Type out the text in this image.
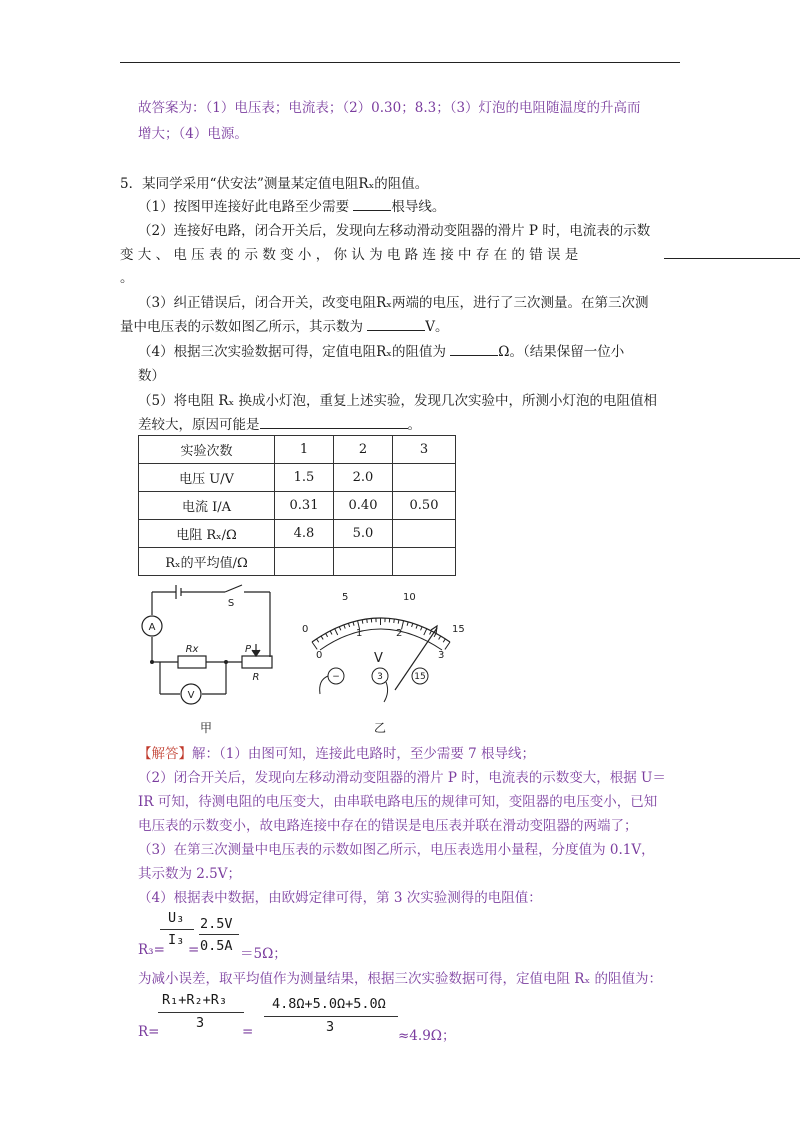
故答案为：（1）电压表；电流表；（2）0.30；8.3；（3）灯泡的电阻随温度的升高而
增大；（4）电源。
5．某同学采用“伏安法”测量某定值电阻Rₓ的阻值。
（1）按图甲连接好此电路至少需要	根导线。
（2）连接好电路，闭合开关后，发现向左移动滑动变阻器的滑片 P 时，电流表的示数
变 大 、 电 压 表 的 示 数 变 小 ， 你 认 为 电 路 连 接 中 存 在 的 错 误 是
。
（3）纠正错误后，闭合开关，改变电阻Rₓ两端的电压，进行了三次测量。在第三次测
量中电压表的示数如图乙所示，其示数为	V。
（4）根据三次实验数据可得，定值电阻Rₓ的阻值为	Ω。（结果保留一位小
数）
（5）将电阻 Rₓ 换成小灯泡，重复上述实验，发现几次实验中，所测小灯泡的电阻值相
差较大，原因可能是	。
实验次数	1	2	3
电压 U/V	1.5	2.0	
电流 I/A	0.31	0.40	0.50
电阻 Rₓ/Ω	4.8	5.0	
Rₓ的平均值/Ω			
A
V
S
Rx	P
R
甲
0
5	10
15
0
1	2
3
V
−	3	15
乙
【解答】解：（1）由图可知，连接此电路时，至少需要 7 根导线；
（2）闭合开关后，发现向左移动滑动变阻器的滑片 P 时，电流表的示数变大，根据 U＝
IR 可知，待测电阻的电压变大，由串联电路电压的规律可知，变阻器的电压变小，已知
电压表的示数变小，故电路连接中存在的错误是电压表并联在滑动变阻器的两端了；
（3）在第三次测量中电压表的示数如图乙所示，电压表选用小量程，分度值为 0.1V，
其示数为 2.5V；
（4）根据表中数据，由欧姆定律可得，第 3 次实验测得的电阻值：
U₃
I₃
2.5V
0.5A
R₃= =	＝5Ω；
为减小误差，取平均值作为测量结果，根据三次实验数据可得，定值电阻 Rₓ 的阻值为：
R₁+R₂+R₃
3
4.8Ω+5.0Ω+5.0Ω
3
R=	=	≈4.9Ω；
